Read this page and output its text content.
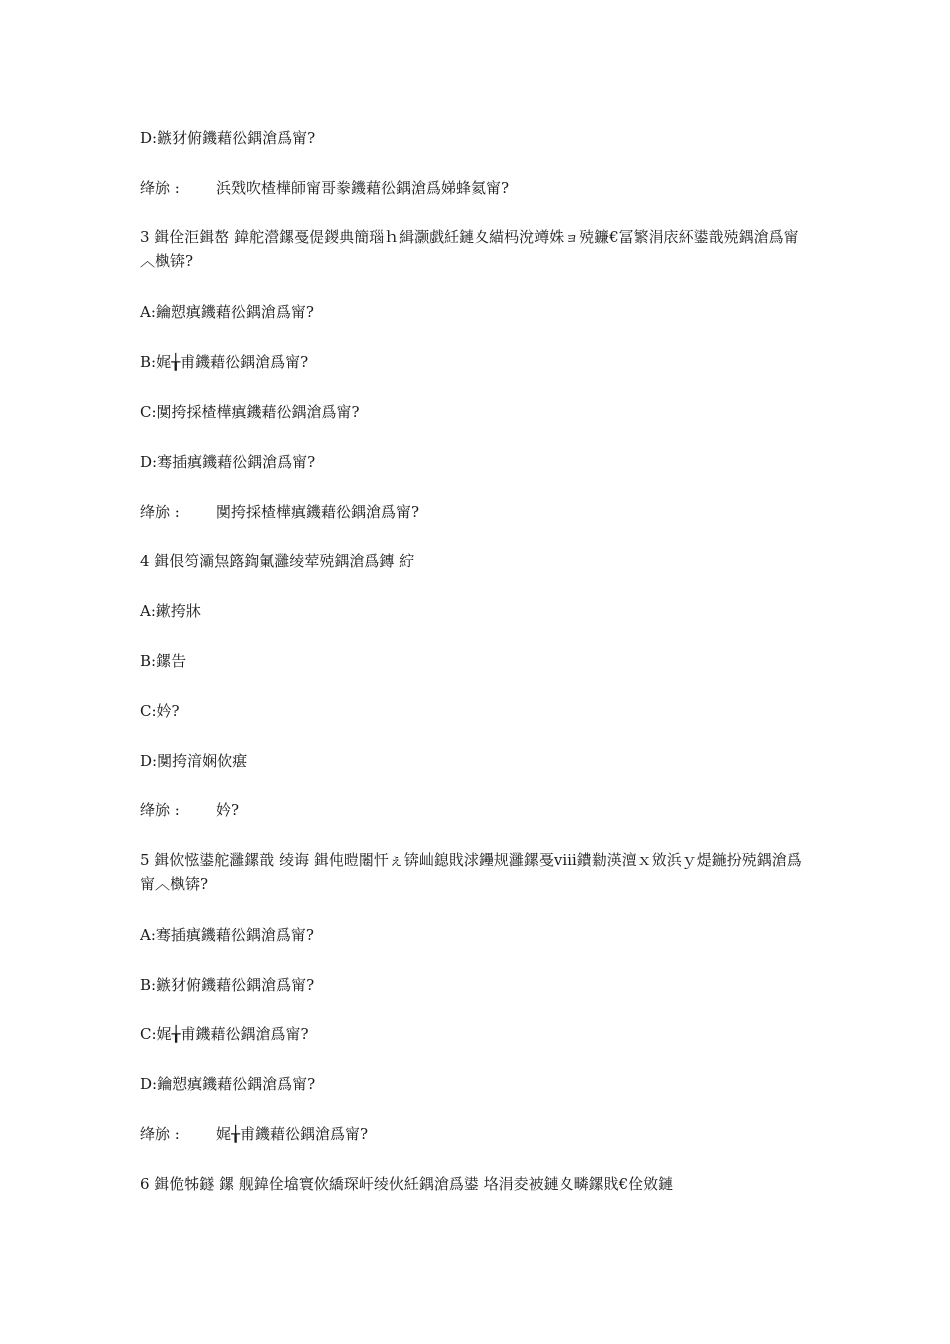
D:鏃犲俯鐖藉彸鍝滄爲甯?

绛旀 : 浜戣吹楂樺師甯哥豢鐖藉彸鍝滄爲娣蜂氦甯?

3 鍓佺洰鍓嶅 鍏舵瀯鏍戞偍鍐典簡瑙ｈ緝灏戯紝鏈夊緢杩涗竴姝ョ殑鐮€冨繁涓庡紑鍙戠殑鍝滄爲甯︿槸锛?

A:鑰愬瘨鐖藉彸鍝滄爲甯?

B:娓╁甫鐖藉彸鍝滄爲甯?

C:闃挎採楂樺瘨鐖藉彸鍝滄爲甯?

D:骞插瘨鐖藉彸鍝滄爲甯?

绛旀 : 闃挎採楂樺瘨鐖藉彸鍝滄爲甯?

4 鍓佷笉灞炰簬鍧氭灉绫荤殑鍝滄爲鏄 紵

A:鏉挎牀

B:鏍告

C:妗?

D:闃挎湇娴佽瘎

绛旀 : 妗?

5 鍓佽惤鍙舵灉鏍戠 绫诲 鍓伅暟闂忓ぇ锛屾鎴戝浗鑸规灉鏍戞ⅷ鐨勬渶澶ｘ敓浜ｙ煶鍦扮殑鍝滄爲甯︿槸锛?

A:骞插瘨鐖藉彸鍝滄爲甯?

B:鏃犲俯鐖藉彸鍝滄爲甯?

C:娓╁甫鐖藉彸鍝滄爲甯?

D:鑰愬瘨鐖藉彸鍝滄爲甯?

绛旀 : 娓╁甫鐖藉彸鍝滄爲甯?

6 鍓佹牬鐩 鏍 舰鍏佺墖寰佽繑琛屽绫伙紝鍝滄爲鍙 垎涓夌被鏈夊疄鏍戝€佺敓鏈
